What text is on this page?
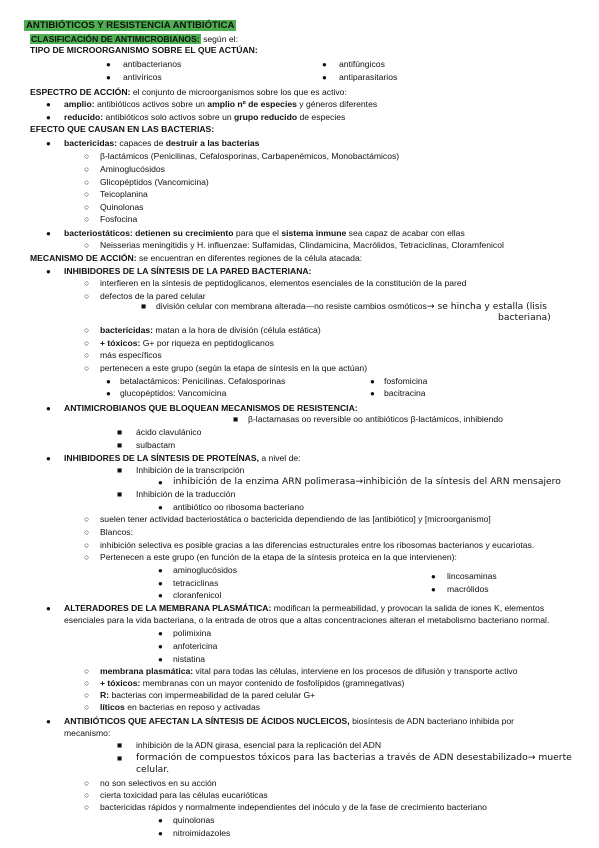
ANTIBIÓTICOS Y RESISTENCIA ANTIBIÓTICA
CLASIFICACIÓN DE ANTIMICROBIANOS: según el:
TIPO DE MICROORGANISMO SOBRE EL QUE ACTÚAN:
● antibacterianos
● antivíricos
● antifúngicos
● antiparasitarios
ESPECTRO DE ACCIÓN: el conjunto de microorganismos sobre los que es activo:
● amplio: antibióticos activos sobre un amplio nº de especies y géneros diferentes
● reducido: antibióticos solo activos sobre un grupo reducido de especies
EFECTO QUE CAUSAN EN LAS BACTERIAS:
● bactericidas: capaces de destruir a las bacterias
○ β-lactámicos (Penicilinas, Cefalosporinas, Carbapenémicos, Monobactámicos)
○ Aminoglucósidos
○ Glicopéptidos (Vancomicina)
○ Teicoplanina
○ Quinolonas
○ Fosfocina
● bacteriostáticos: detienen su crecimiento para que el sistema inmune sea capaz de acabar con ellas
○ Neisserias meningitidis y H. influenzae: Sulfamidas, Clindamicina, Macrólidos, Tetraciclinas, Cloramfenicol
MECANISMO DE ACCIÓN: se encuentran en diferentes regiones de la célula atacada:
● INHIBIDORES DE LA SÍNTESIS DE LA PARED BACTERIANA:
○ interfieren en la síntesis de peptidoglicanos, elementos esenciales de la constitución de la pared
○ defectos de la pared celular
■ división celular con membrana alterada—no resiste cambios osmóticos→ se hincha y estalla (lisis
bacteriana)
○ bactericidas: matan a la hora de división (célula estática)
○ + tóxicos: G+ por riqueza en peptidoglicanos
○ más específicos
○ pertenecen a este grupo (según la etapa de síntesis en la que actúan)
● betalactámicos: Penicilinas. Cefalosporinas
● glucopéptidos: Vancomicina
● fosfomicina
● bacitracina
● ANTIMICROBIANOS QUE BLOQUEAN MECANISMOS DE RESISTENCIA:
■ β-lactamasas oo reversible oo antibióticos β-lactámicos, inhibiendo
■ ácido clavulánico
■ sulbactam
● INHIBIDORES DE LA SÍNTESIS DE PROTEÍNAS, a nivel de:
■ Inhibición de la transcripción
● inhibición de la enzima ARN polimerasa→inhibición de la síntesis del ARN mensajero
■ Inhibición de la traducción
● antibiótico oo ribosoma bacteriano
○ suelen tener actividad bacteriostática o bactericida dependiendo de las [antibiótico] y [microorganismo]
○ Blancos:
○ inhibición selectiva es posible gracias a las diferencias estructurales entre los ribosomas bacterianos y eucariotas.
○ Pertenecen a este grupo (en función de la etapa de la síntesis proteica en la que intervienen):
● aminoglucósidos
● tetraciclinas
● cloranfenicol
● lincosaminas
● macrólidos
● ALTERADORES DE LA MEMBRANA PLASMÁTICA: modifican la permeabilidad, y provocan la salida de iones K, elementos
esenciales para la vida bacteriana, o la entrada de otros que a altas concentraciones alteran el metabolismo bacteriano normal.
● polimixina
● anfotericina
● nistatina
○ membrana plasmática: vital para todas las células, interviene en los procesos de difusión y transporte activo
○ + tóxicos: membranas con un mayor contenido de fosfolípidos (gramnegativas)
○ R: bacterias con impermeabilidad de la pared celular G+
○ líticos en bacterias en reposo y activadas
● ANTIBIÓTICOS QUE AFECTAN LA SÍNTESIS DE ÁCIDOS NUCLEICOS, biosíntesis de ADN bacteriano inhibida por
mecanismo:
■ inhibición de la ADN girasa, esencial para la replicación del ADN
■ formación de compuestos tóxicos para las bacterias a través de ADN desestabilizado→ muerte
celular.
○ no son selectivos en su acción
○ cierta toxicidad para las células eucarióticas
○ bactericidas rápidos y normalmente independientes del inóculo y de la fase de crecimiento bacteriano
● quinolonas
● nitroimidazoles
